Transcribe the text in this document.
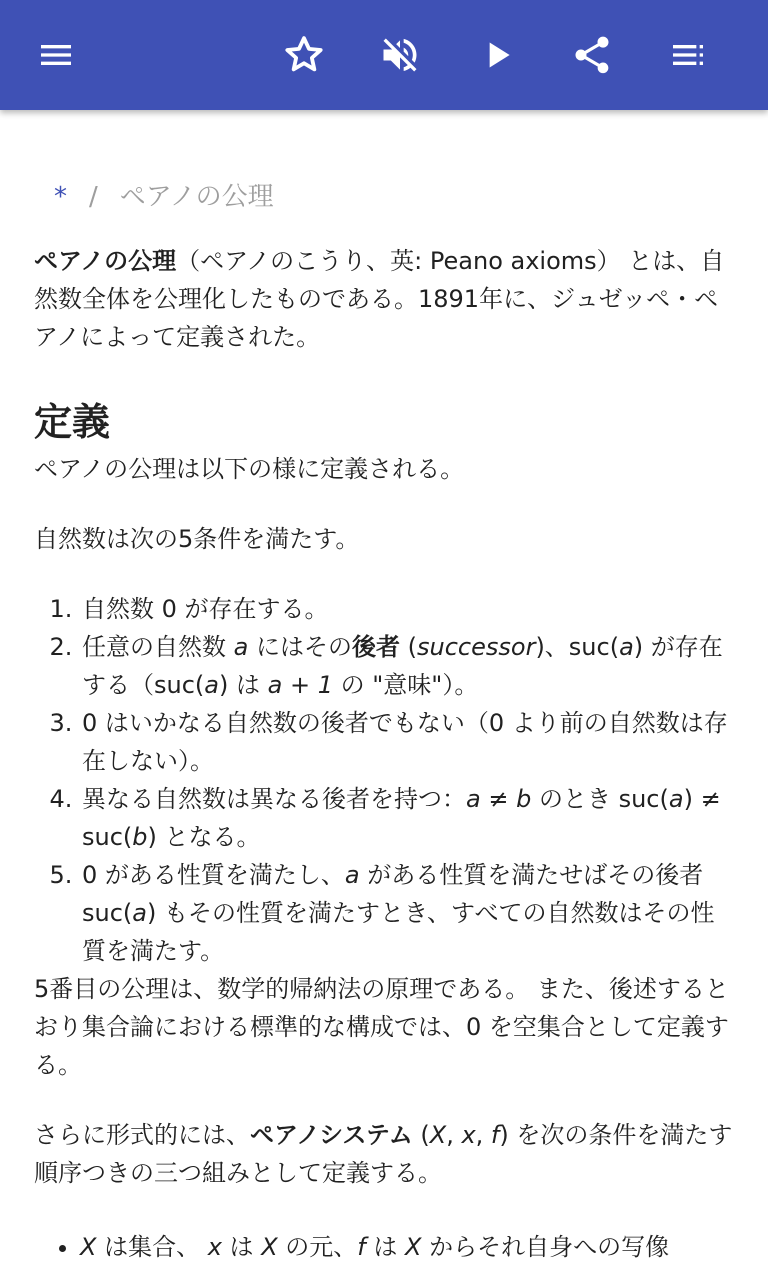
* / ペアノの公理

ペアノの公理（ペアノのこうり、英: Peano axioms） とは、自然数全体を公理化したものである。1891年に、ジュゼッペ・ペアノによって定義された。

定義

ペアノの公理は以下の様に定義される。

自然数は次の5条件を満たす。

1. 自然数 0 が存在する。
2. 任意の自然数 a にはその後者 (successor)、suc(a) が存在する（suc(a) は a + 1 の "意味"）。
3. 0 はいかなる自然数の後者でもない（0 より前の自然数は存在しない）。
4. 異なる自然数は異なる後者を持つ：a ≠ b のとき suc(a) ≠ suc(b) となる。
5. 0 がある性質を満たし、a がある性質を満たせばその後者 suc(a) もその性質を満たすとき、すべての自然数はその性質を満たす。

5番目の公理は、数学的帰納法の原理である。 また、後述するとおり集合論における標準的な構成では、0 を空集合として定義する。

さらに形式的には、ペアノシステム (X, x, f) を次の条件を満たす順序つきの三つ組みとして定義する。

• X は集合、 x は X の元、f は X からそれ自身への写像
